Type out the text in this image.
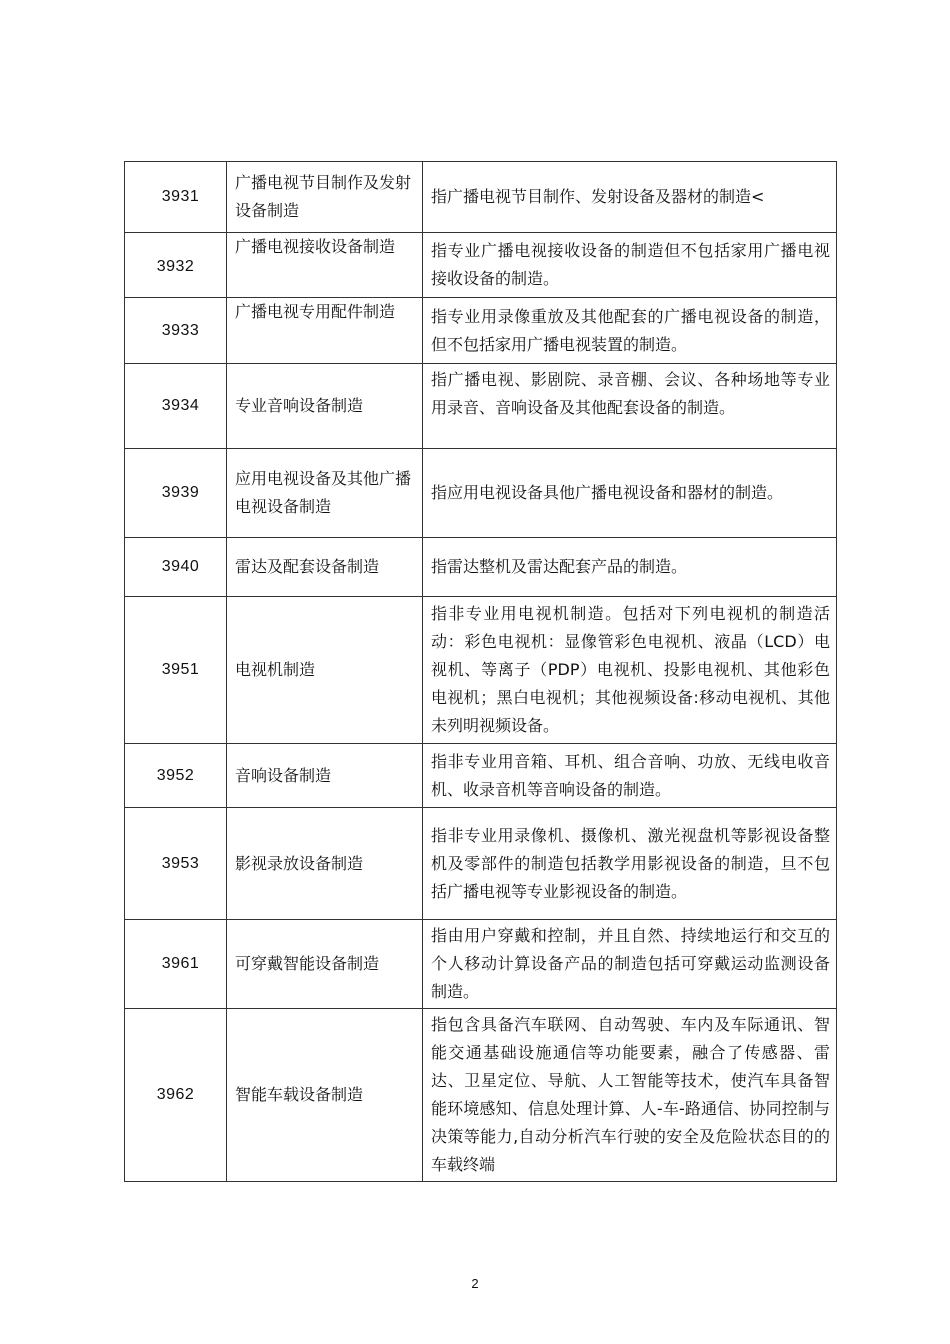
3931	广播电视节目制作及发射设备制造	指广播电视节目制作、发射设备及器材的制造<
3932	广播电视接收设备制造	指专业广播电视接收设备的制造但不包括家用广播电视接收设备的制造。
3933	广播电视专用配件制造	指专业用录像重放及其他配套的广播电视设备的制造，但不包括家用广播电视装置的制造。
3934	专业音响设备制造	指广播电视、影剧院、录音棚、会议、各种场地等专业用录音、音响设备及其他配套设备的制造。
3939	应用电视设备及其他广播电视设备制造	指应用电视设备具他广播电视设备和器材的制造。
3940	雷达及配套设备制造	指雷达整机及雷达配套产品的制造。
3951	电视机制造	指非专业用电视机制造。包括对下列电视机的制造活动：彩色电视机：显像管彩色电视机、液晶（LCD）电视机、等离子（PDP）电视机、投影电视机、其他彩色电视机；黑白电视机；其他视频设备:移动电视机、其他未列明视频设备。
3952	音响设备制造	指非专业用音箱、耳机、组合音响、功放、无线电收音机、收录音机等音响设备的制造。
3953	影视录放设备制造	指非专业用录像机、摄像机、激光视盘机等影视设备整机及零部件的制造包括教学用影视设备的制造，旦不包括广播电视等专业影视设备的制造。
3961	可穿戴智能设备制造	指由用户穿戴和控制，并且自然、持续地运行和交互的个人移动计算设备产品的制造包括可穿戴运动监测设备制造。
3962	智能车载设备制造	指包含具备汽车联网、自动驾驶、车内及车际通讯、智能交通基础设施通信等功能要素，融合了传感器、雷达、卫星定位、导航、人工智能等技术，使汽车具备智能环境感知、信息处理计算、人-车-路通信、协同控制与决策等能力,自动分析汽车行驶的安全及危险状态目的的车载终端
2
